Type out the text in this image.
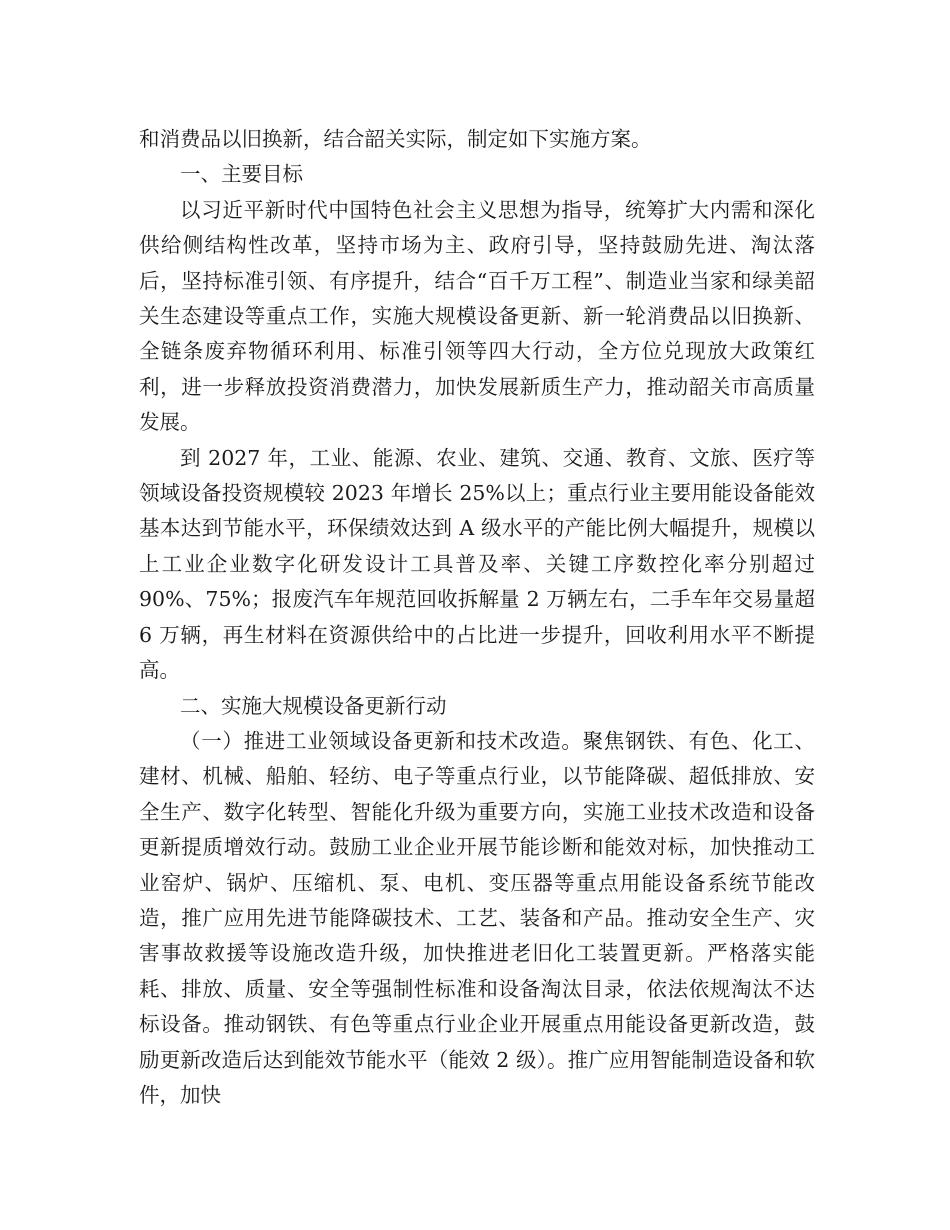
和消费品以旧换新，结合韶关实际，制定如下实施方案。

一、主要目标

以习近平新时代中国特色社会主义思想为指导，统筹扩大内需和深化供给侧结构性改革，坚持市场为主、政府引导，坚持鼓励先进、淘汰落后，坚持标准引领、有序提升，结合“百千万工程”、制造业当家和绿美韶关生态建设等重点工作，实施大规模设备更新、新一轮消费品以旧换新、全链条废弃物循环利用、标准引领等四大行动，全方位兑现放大政策红利，进一步释放投资消费潜力，加快发展新质生产力，推动韶关市高质量发展。

到 2027 年，工业、能源、农业、建筑、交通、教育、文旅、医疗等领域设备投资规模较 2023 年增长 25%以上；重点行业主要用能设备能效基本达到节能水平，环保绩效达到 A 级水平的产能比例大幅提升，规模以上工业企业数字化研发设计工具普及率、关键工序数控化率分别超过 90%、75%；报废汽车年规范回收拆解量 2 万辆左右，二手车年交易量超 6 万辆，再生材料在资源供给中的占比进一步提升，回收利用水平不断提高。

二、实施大规模设备更新行动

（一）推进工业领域设备更新和技术改造。聚焦钢铁、有色、化工、建材、机械、船舶、轻纺、电子等重点行业，以节能降碳、超低排放、安全生产、数字化转型、智能化升级为重要方向，实施工业技术改造和设备更新提质增效行动。鼓励工业企业开展节能诊断和能效对标，加快推动工业窑炉、锅炉、压缩机、泵、电机、变压器等重点用能设备系统节能改造，推广应用先进节能降碳技术、工艺、装备和产品。推动安全生产、灾害事故救援等设施改造升级，加快推进老旧化工装置更新。严格落实能耗、排放、质量、安全等强制性标准和设备淘汰目录，依法依规淘汰不达标设备。推动钢铁、有色等重点行业企业开展重点用能设备更新改造，鼓励更新改造后达到能效节能水平（能效 2 级）。推广应用智能制造设备和软件，加快
